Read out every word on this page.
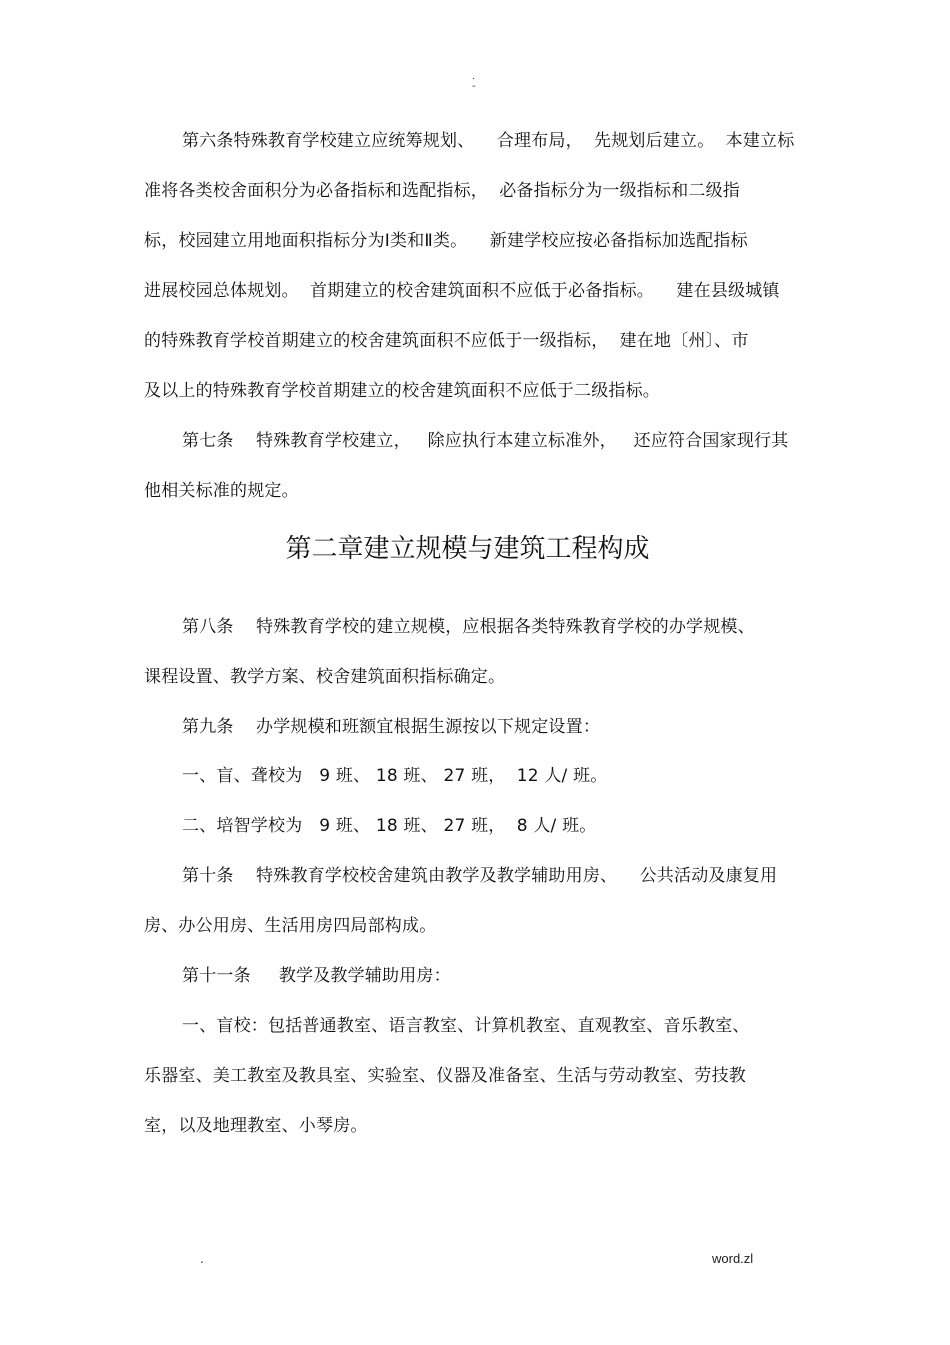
.
-
第六条特殊教育学校建立应统筹规划、    合理布局，  先规划后建立。  本建立标
准将各类校舍面积分为必备指标和选配指标，  必备指标分为一级指标和二级指
标，校园建立用地面积指标分为Ⅰ类和Ⅱ类。    新建学校应按必备指标加选配指标
进展校园总体规划。  首期建立的校舍建筑面积不应低于必备指标。    建在县级城镇
的特殊教育学校首期建立的校舍建筑面积不应低于一级指标，  建在地〔州〕、市
及以上的特殊教育学校首期建立的校舍建筑面积不应低于二级指标。
第七条    特殊教育学校建立，   除应执行本建立标准外，   还应符合国家现行其
他相关标准的规定。
第二章建立规模与建筑工程构成
第八条    特殊教育学校的建立规模，应根据各类特殊教育学校的办学规模、
课程设置、教学方案、校舍建筑面积指标确定。
第九条    办学规模和班额宜根据生源按以下规定设置：
一、盲、聋校为   9 班、 18 班、 27 班，  12 人/ 班。
二、培智学校为   9 班、 18 班、 27 班，  8 人/ 班。
第十条    特殊教育学校校舍建筑由教学及教学辅助用房、    公共活动及康复用
房、办公用房、生活用房四局部构成。
第十一条     教学及教学辅助用房：
一、盲校：包括普通教室、语言教室、计算机教室、直观教室、音乐教室、
乐器室、美工教室及教具室、实验室、仪器及准备室、生活与劳动教室、劳技教
室，以及地理教室、小琴房。
.	word.zl
